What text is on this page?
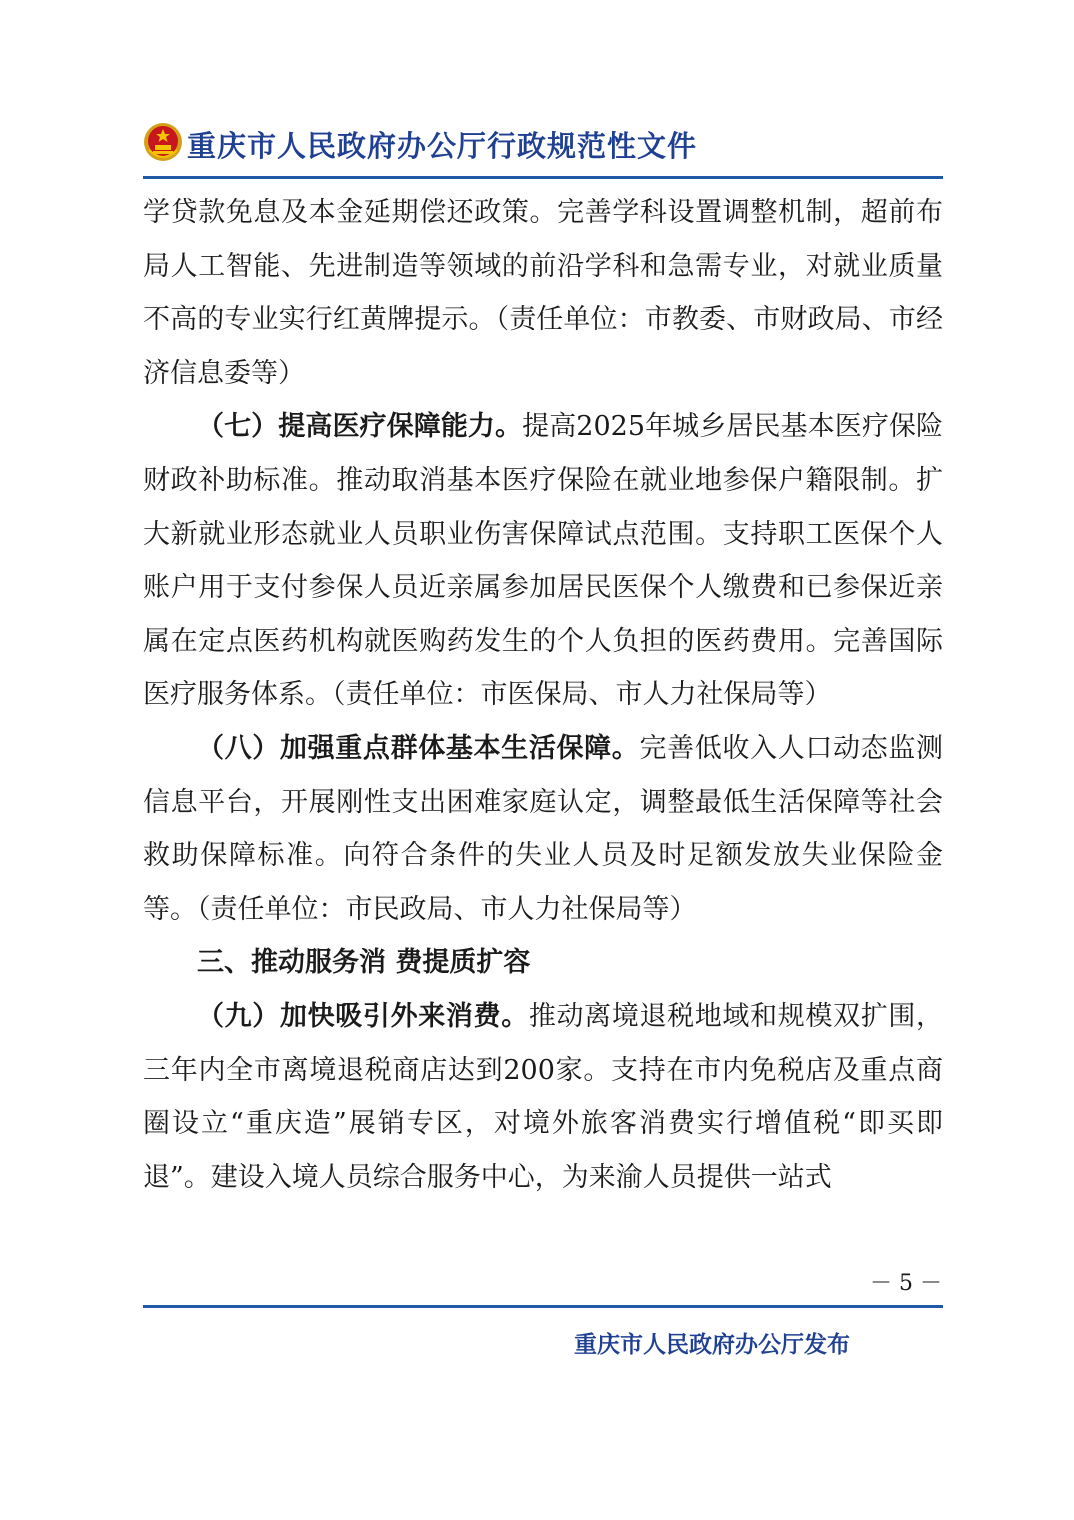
重庆市人民政府办公厅行政规范性文件

学贷款免息及本金延期偿还政策。完善学科设置调整机制，超前布局人工智能、先进制造等领域的前沿学科和急需专业，对就业质量不高的专业实行红黄牌提示。（责任单位：市教委、市财政局、市经济信息委等）

（七）提高医疗保障能力。提高2025年城乡居民基本医疗保险财政补助标准。推动取消基本医疗保险在就业地参保户籍限制。扩大新就业形态就业人员职业伤害保障试点范围。支持职工医保个人账户用于支付参保人员近亲属参加居民医保个人缴费和已参保近亲属在定点医药机构就医购药发生的个人负担的医药费用。完善国际医疗服务体系。（责任单位：市医保局、市人力社保局等）

（八）加强重点群体基本生活保障。完善低收入人口动态监测信息平台，开展刚性支出困难家庭认定，调整最低生活保障等社会救助保障标准。向符合条件的失业人员及时足额发放失业保险金等。（责任单位：市民政局、市人力社保局等）

三、推动服务消 费提质扩容

（九）加快吸引外来消费。推动离境退税地域和规模双扩围，三年内全市离境退税商店达到200家。支持在市内免税店及重点商圈设立“重庆造”展销专区，对境外旅客消费实行增值税“即买即退”。建设入境人员综合服务中心，为来渝人员提供一站式

－ 5 －
重庆市人民政府办公厅发布
